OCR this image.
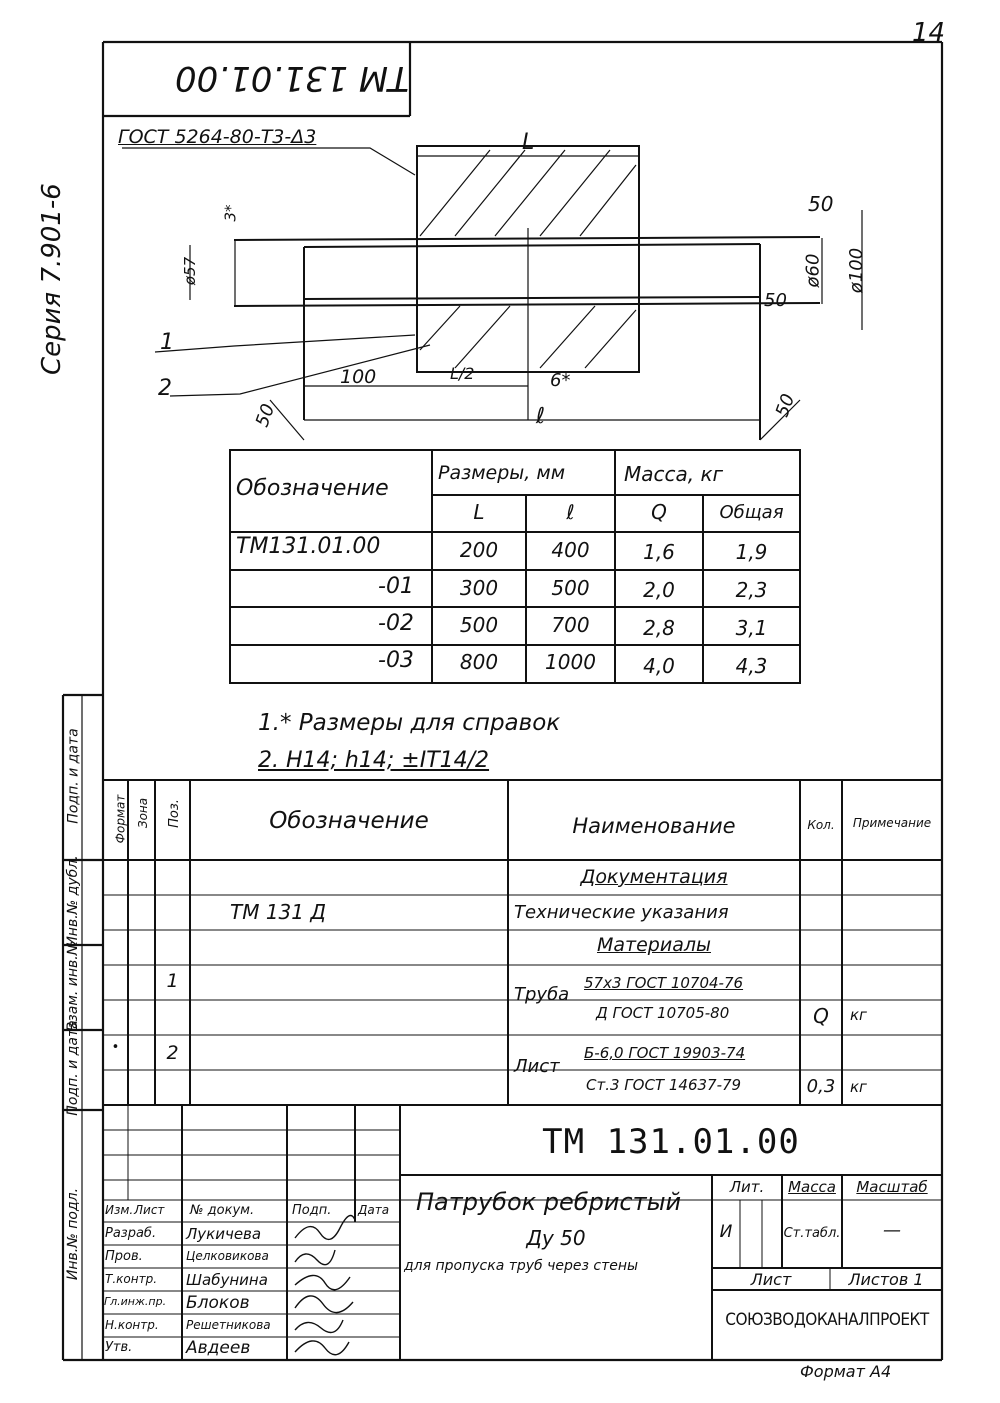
14
Серия 7.901-6
ТМ 131.01.00
ГОСТ 5264-80-Т3-Δ3	L
50
ø60 ø100
50
ø57
3*
1
2	100	L/2	6*
ℓ
50	50
Обозначение
Размеры, мм	Масса, кг
L	ℓ	Q	Общая
ТМ131.01.00	200	400	1,6	1,9
-01	300	500	2,0	2,3
-02	500	700	2,8	3,1
-03	800	1000	4,0	4,3
1.* Размеры для справок
2. Н14; h14; ±IT14/2
Формат Зона Поз.	Обозначение	Наименование	Кол.	Примечание
Документация
ТМ 131 Д	Технические указания
Материалы
1
Труба
57х3 ГОСТ 10704-76
Д ГОСТ 10705-80	Q	кг
•	2
Лист
Б-6,0 ГОСТ 19903-74
Ст.3 ГОСТ 14637-79	0,3 кг
Подп. и дата
Инв.№ дубл.
Взам. инв.№
Подп. и дата
Инв.№ подл.
ТМ 131.01.00
Патрубок ребристый
Ду 50
для пропуска труб через стены
Изм. Лист № докум.	Подп. Дата
Разраб. Лукичева
Пров.	Целковикова
Т.контр. Шабунина
Гл.инж.пр. Блоков
Н.контр. Решетникова
Утв.	Авдеев
Лит.	Масса	Масштаб
И	Ст.табл.	—
Лист	Листов 1
СОЮЗВОДОКАНАЛПРОЕКТ
Формат А4
